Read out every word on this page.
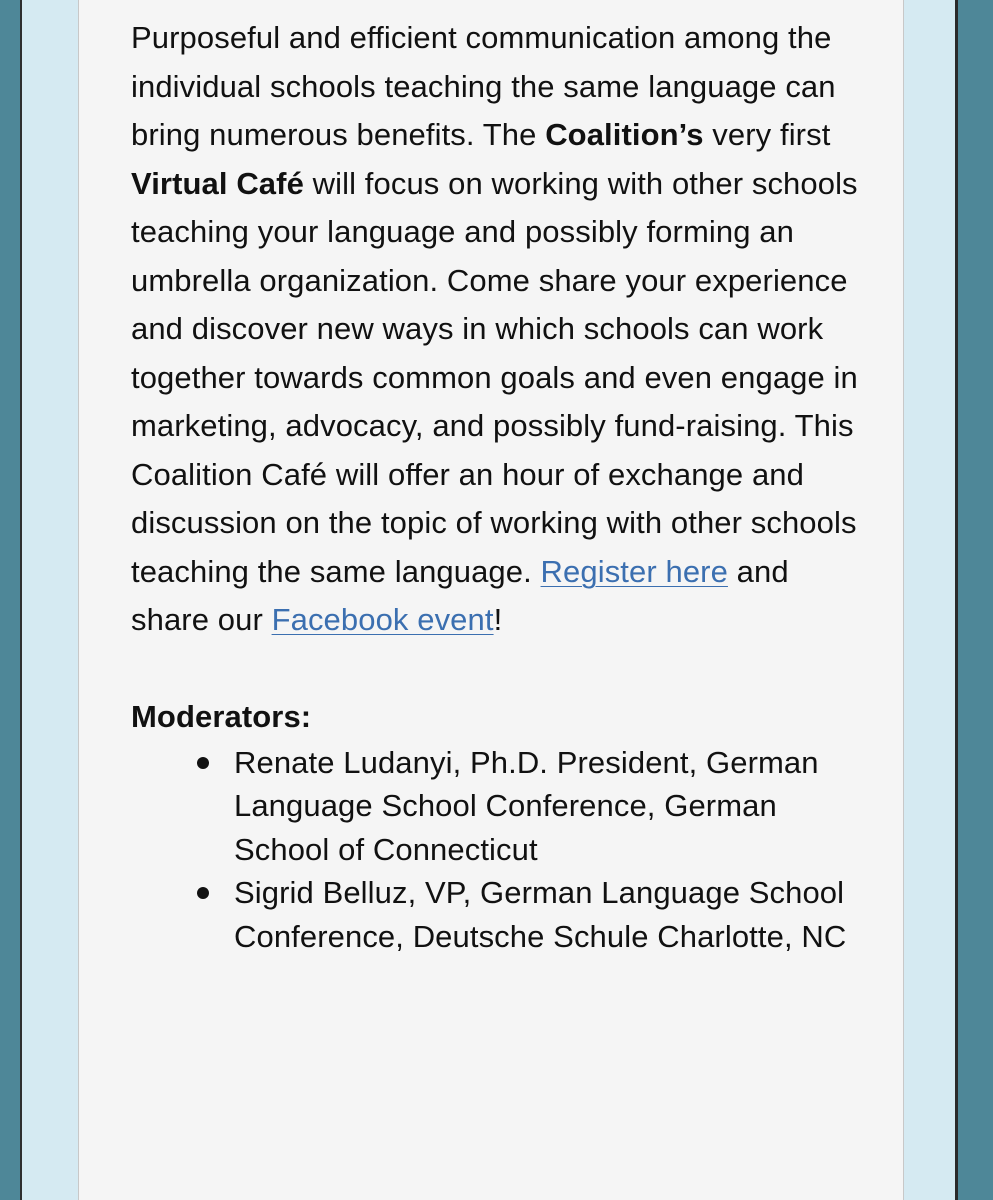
Purposeful and efficient communication among the individual schools teaching the same language can bring numerous benefits. The Coalition’s very first Virtual Café will focus on working with other schools teaching your language and possibly forming an umbrella organization. Come share your experience and discover new ways in which schools can work together towards common goals and even engage in marketing, advocacy, and possibly fund-raising. This Coalition Café will offer an hour of exchange and discussion on the topic of working with other schools teaching the same language. Register here and share our Facebook event!

Moderators:
Renate Ludanyi, Ph.D. President, German Language School Conference, German School of Connecticut
Sigrid Belluz, VP, German Language School Conference, Deutsche Schule Charlotte, NC
